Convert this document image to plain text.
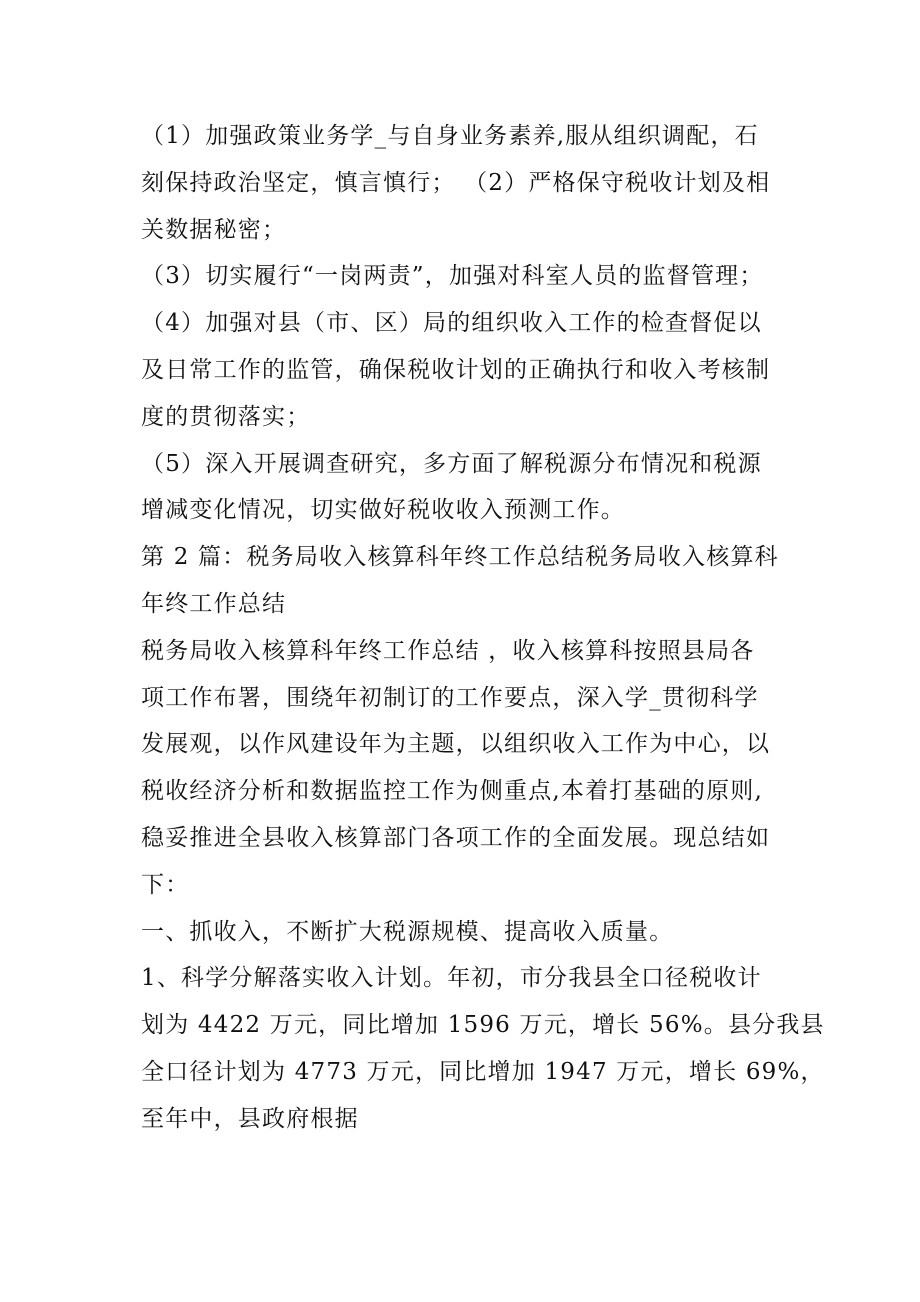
（1）加强政策业务学_与自身业务素养,服从组织调配，石
刻保持政治坚定，慎言慎行； （2）严格保守税收计划及相
关数据秘密；

（3）切实履行“一岗两责”，加强对科室人员的监督管理；

（4）加强对县（市、区）局的组织收入工作的检查督促以
及日常工作的监管，确保税收计划的正确执行和收入考核制
度的贯彻落实；

（5）深入开展调查研究，多方面了解税源分布情况和税源
增减变化情况，切实做好税收收入预测工作。

第 2 篇：税务局收入核算科年终工作总结税务局收入核算科
年终工作总结

税务局收入核算科年终工作总结 ，收入核算科按照县局各
项工作布署，围绕年初制订的工作要点，深入学_贯彻科学
发展观，以作风建设年为主题，以组织收入工作为中心，以
税收经济分析和数据监控工作为侧重点,本着打基础的原则,
稳妥推进全县收入核算部门各项工作的全面发展。现总结如
下：

一、抓收入，不断扩大税源规模、提高收入质量。

1、科学分解落实收入计划。年初，市分我县全口径税收计
划为 4422 万元，同比增加 1596 万元，增长 56%。县分我县
全口径计划为 4773 万元，同比增加 1947 万元，增长 69%，
至年中，县政府根据
